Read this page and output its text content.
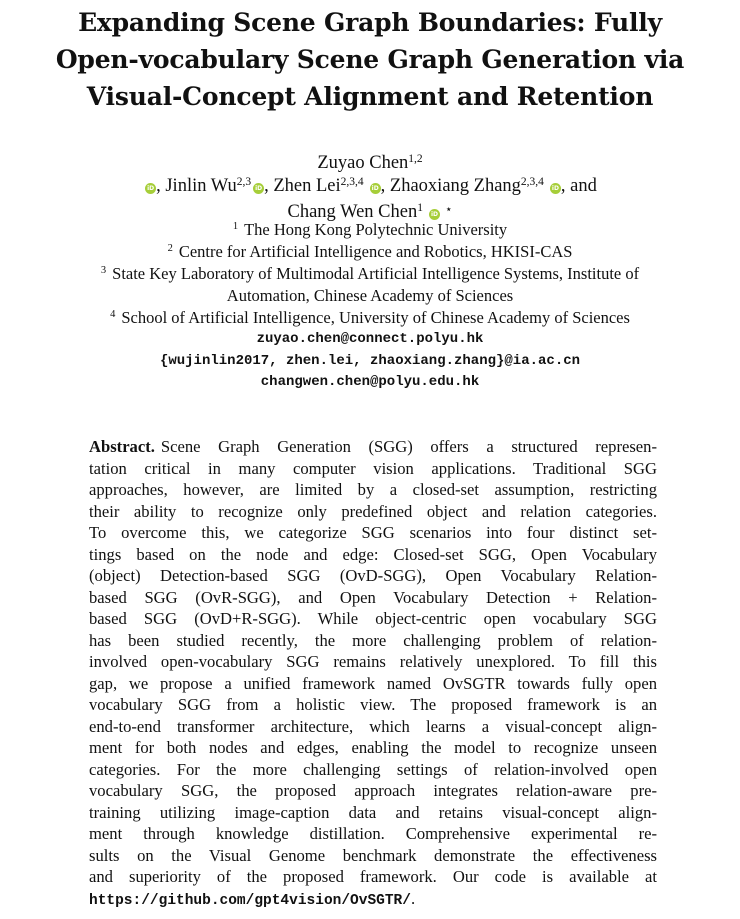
Expanding Scene Graph Boundaries: Fully
Open-vocabulary Scene Graph Generation via
Visual-Concept Alignment and Retention
Zuyao Chen$^{1,2}$
iD , Jinlin Wu$^{2,3}$iD , Zhen Lei$^{2,3,4}$iD , Zhaoxiang Zhang$^{2,3,4}$iD , and
Chang Wen Chen$^1$iD ⋆
$^1$ The Hong Kong Polytechnic University
$^2$ Centre for Artificial Intelligence and Robotics, HKISI-CAS
$^3$ State Key Laboratory of Multimodal Artificial Intelligence Systems, Institute of
Automation, Chinese Academy of Sciences
$^4$ School of Artificial Intelligence, University of Chinese Academy of Sciences
zuyao.chen@connect.polyu.hk
{wujinlin2017, zhen.lei, zhaoxiang.zhang}@ia.ac.cn
changwen.chen@polyu.edu.hk
Abstract. Scene Graph Generation (SGG) offers a structured represen-
tation critical in many computer vision applications. Traditional SGG
approaches, however, are limited by a closed-set assumption, restricting
their ability to recognize only predefined object and relation categories.
To overcome this, we categorize SGG scenarios into four distinct set-
tings based on the node and edge: Closed-set SGG, Open Vocabulary
(object) Detection-based SGG (OvD-SGG), Open Vocabulary Relation-
based SGG (OvR-SGG), and Open Vocabulary Detection + Relation-
based SGG (OvD+R-SGG). While object-centric open vocabulary SGG
has been studied recently, the more challenging problem of relation-
involved open-vocabulary SGG remains relatively unexplored. To fill this
gap, we propose a unified framework named OvSGTR towards fully open
vocabulary SGG from a holistic view. The proposed framework is an
end-to-end transformer architecture, which learns a visual-concept align-
ment for both nodes and edges, enabling the model to recognize unseen
categories. For the more challenging settings of relation-involved open
vocabulary SGG, the proposed approach integrates relation-aware pre-
training utilizing image-caption data and retains visual-concept align-
ment through knowledge distillation. Comprehensive experimental re-
sults on the Visual Genome benchmark demonstrate the effectiveness
and superiority of the proposed framework. Our code is available at
https://github.com/gpt4vision/OvSGTR/.
